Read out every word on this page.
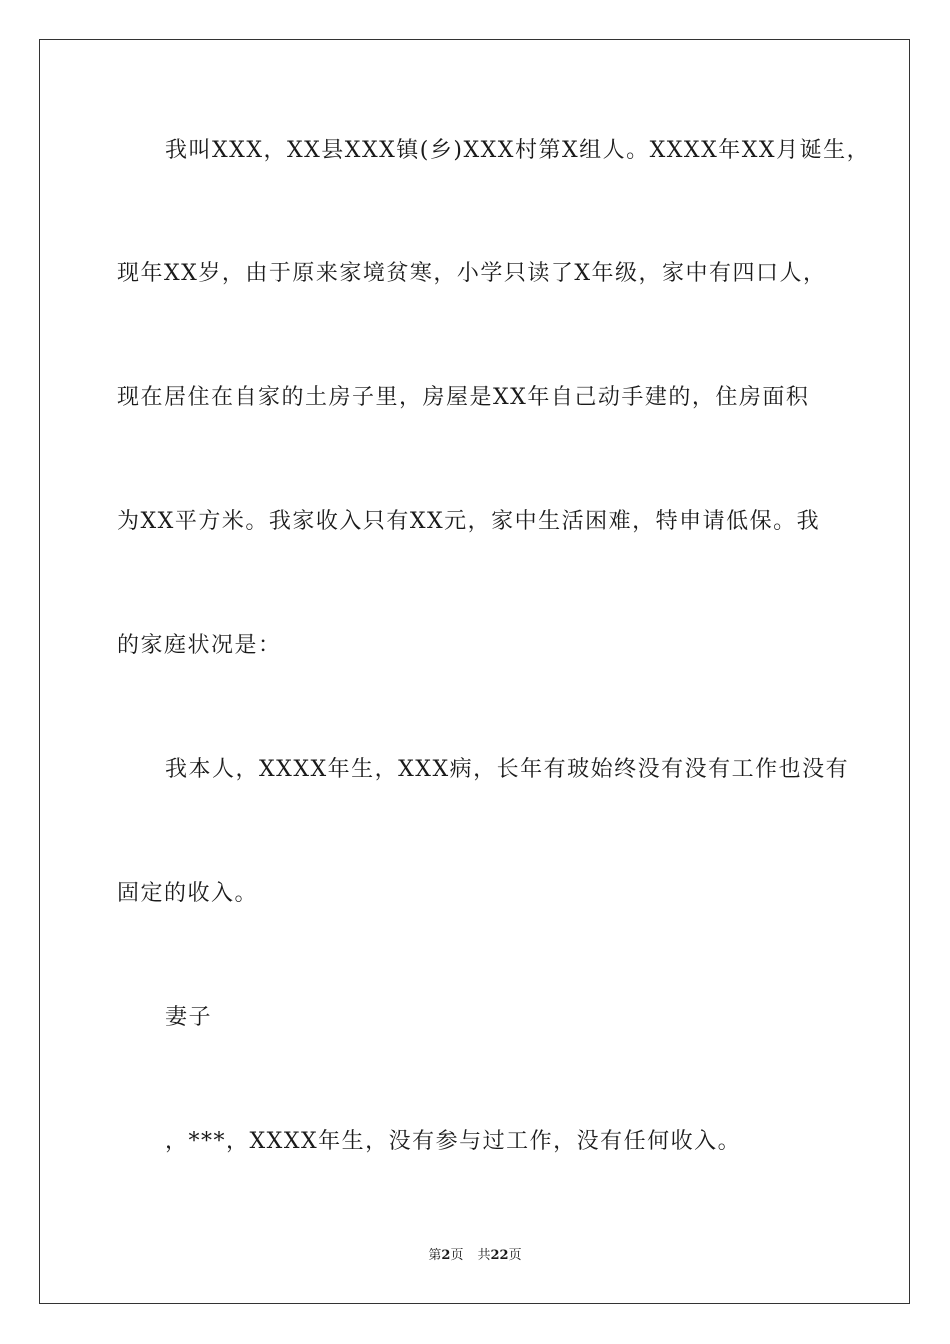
我叫XXX，XX县XXX镇(乡)XXX村第X组人。XXXX年XX月诞生，
现年XX岁，由于原来家境贫寒，小学只读了X年级，家中有四口人，
现在居住在自家的土房子里，房屋是XX年自己动手建的，住房面积
为XX平方米。我家收入只有XX元，家中生活困难，特申请低保。我
的家庭状况是：
我本人，XXXX年生，XXX病，长年有玻始终没有没有工作也没有
固定的收入。
妻子
，***，XXXX年生，没有参与过工作，没有任何收入。
第2页 共22页
